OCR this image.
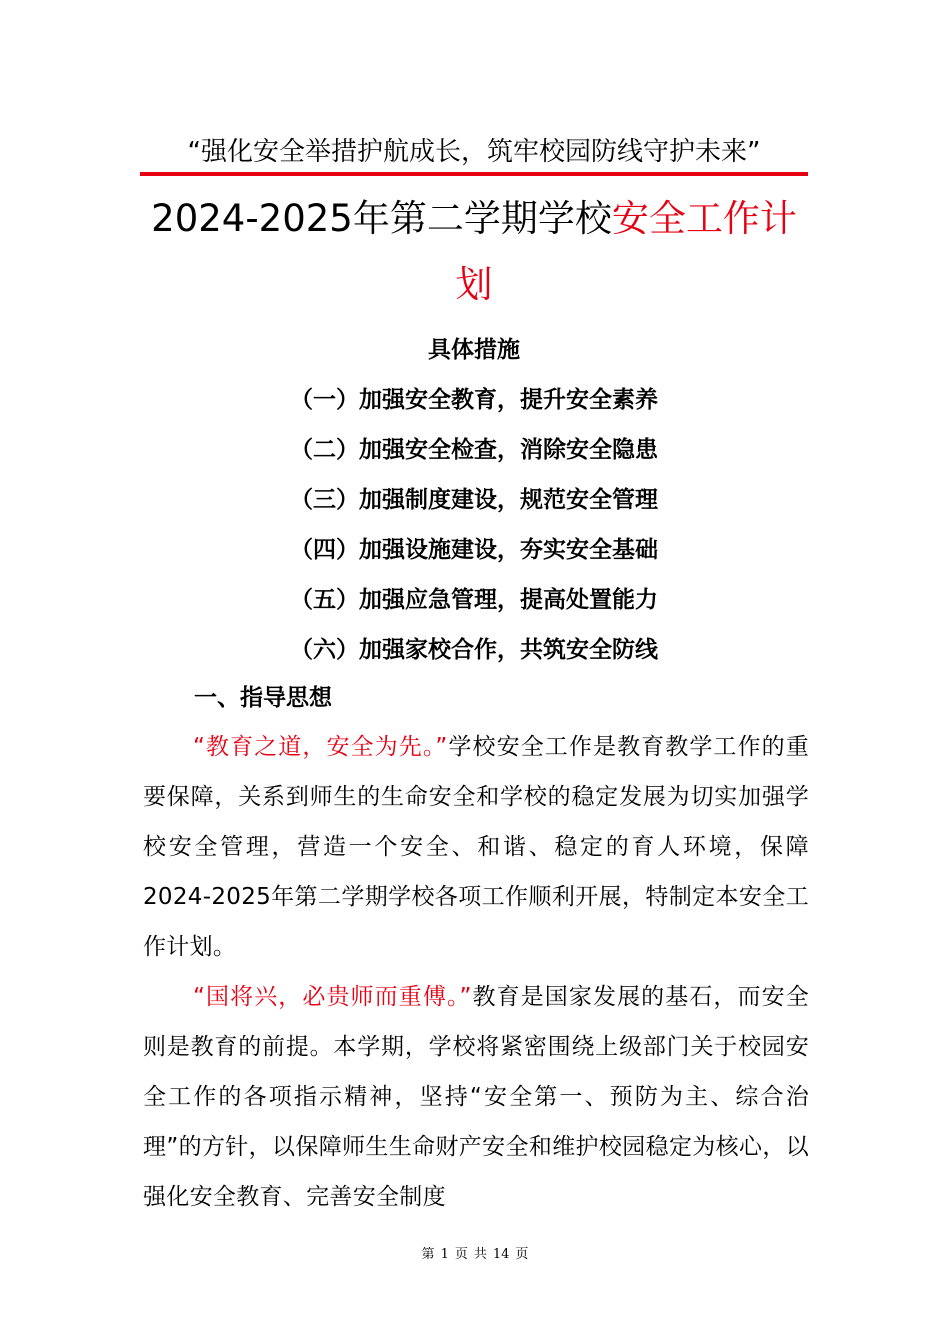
“强化安全举措护航成长，筑牢校园防线守护未来”
2024-2025年第二学期学校安全工作计划
具体措施
（一）加强安全教育，提升安全素养
（二）加强安全检查，消除安全隐患
（三）加强制度建设，规范安全管理
（四）加强设施建设，夯实安全基础
（五）加强应急管理，提高处置能力
（六）加强家校合作，共筑安全防线
一、指导思想

“教育之道，安全为先。”学校安全工作是教育教学工作的重要保障，关系到师生的生命安全和学校的稳定发展为切实加强学校安全管理，营造一个安全、和谐、稳定的育人环境，保障2024-2025年第二学期学校各项工作顺利开展，特制定本安全工作计划。

“国将兴，必贵师而重傅。”教育是国家发展的基石，而安全则是教育的前提。本学期，学校将紧密围绕上级部门关于校园安全工作的各项指示精神，坚持“安全第一、预防为主、综合治理”的方针，以保障师生生命财产安全和维护校园稳定为核心，以强化安全教育、完善安全制度

第 1 页 共 14 页
